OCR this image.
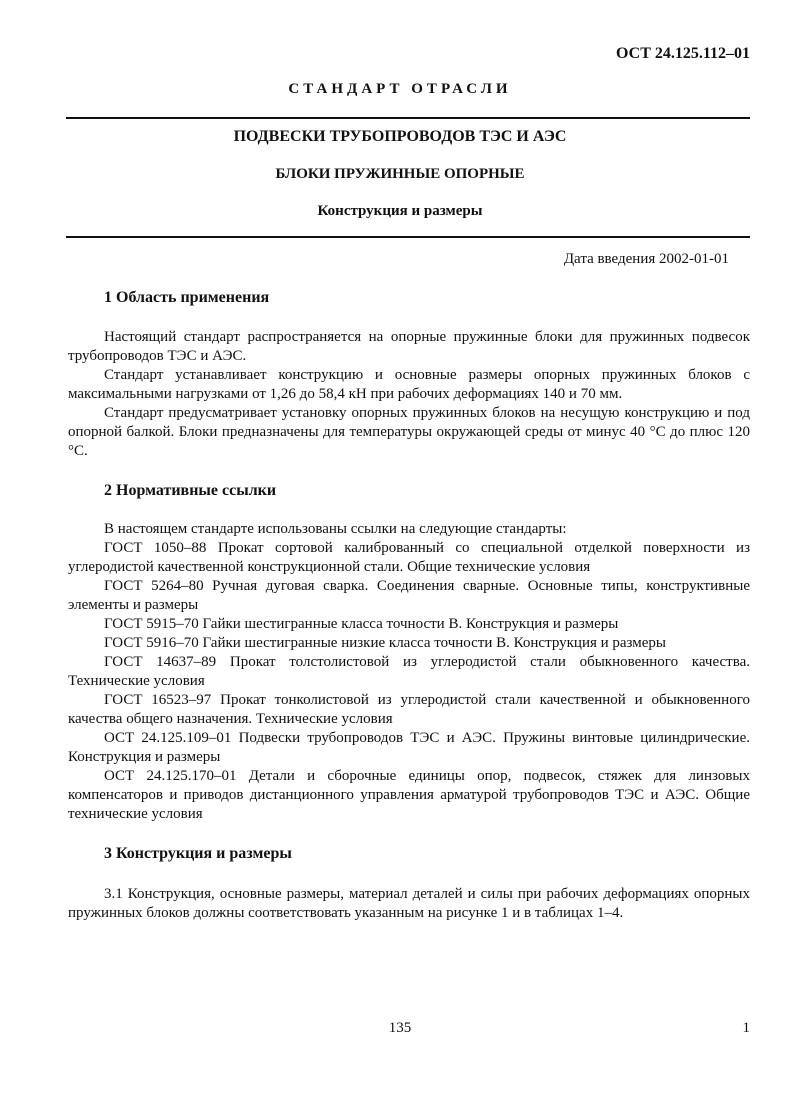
ОСТ 24.125.112–01
СТАНДАРТ ОТРАСЛИ
ПОДВЕСКИ ТРУБОПРОВОДОВ ТЭС И АЭС
БЛОКИ ПРУЖИННЫЕ ОПОРНЫЕ
Конструкция и размеры
Дата введения 2002-01-01
1 Область применения

Настоящий стандарт распространяется на опорные пружинные блоки для пружинных подвесок трубопроводов ТЭС и АЭС.

Стандарт устанавливает конструкцию и основные размеры опорных пружинных блоков с максимальными нагрузками от 1,26 до 58,4 кН при рабочих деформациях 140 и 70 мм.

Стандарт предусматривает установку опорных пружинных блоков на несущую конструкцию и под опорной балкой. Блоки предназначены для температуры окружающей среды от минус 40 °С до плюс 120 °С.

2 Нормативные ссылки

В настоящем стандарте использованы ссылки на следующие стандарты:

ГОСТ 1050–88 Прокат сортовой калиброванный со специальной отделкой поверхности из углеродистой качественной конструкционной стали. Общие технические условия

ГОСТ 5264–80 Ручная дуговая сварка. Соединения сварные. Основные типы, конструктивные элементы и размеры

ГОСТ 5915–70 Гайки шестигранные класса точности В. Конструкция и размеры

ГОСТ 5916–70 Гайки шестигранные низкие класса точности В. Конструкция и размеры

ГОСТ 14637–89 Прокат толстолистовой из углеродистой стали обыкновенного качества. Технические условия

ГОСТ 16523–97 Прокат тонколистовой из углеродистой стали качественной и обыкновенного качества общего назначения. Технические условия

ОСТ 24.125.109–01 Подвески трубопроводов ТЭС и АЭС. Пружины винтовые цилиндрические. Конструкция и размеры

ОСТ 24.125.170–01 Детали и сборочные единицы опор, подвесок, стяжек для линзовых компенсаторов и приводов дистанционного управления арматурой трубопроводов ТЭС и АЭС. Общие технические условия

3 Конструкция и размеры

3.1 Конструкция, основные размеры, материал деталей и силы при рабочих деформациях опорных пружинных блоков должны соответствовать указанным на рисунке 1 и в таблицах 1–4.

135	1
